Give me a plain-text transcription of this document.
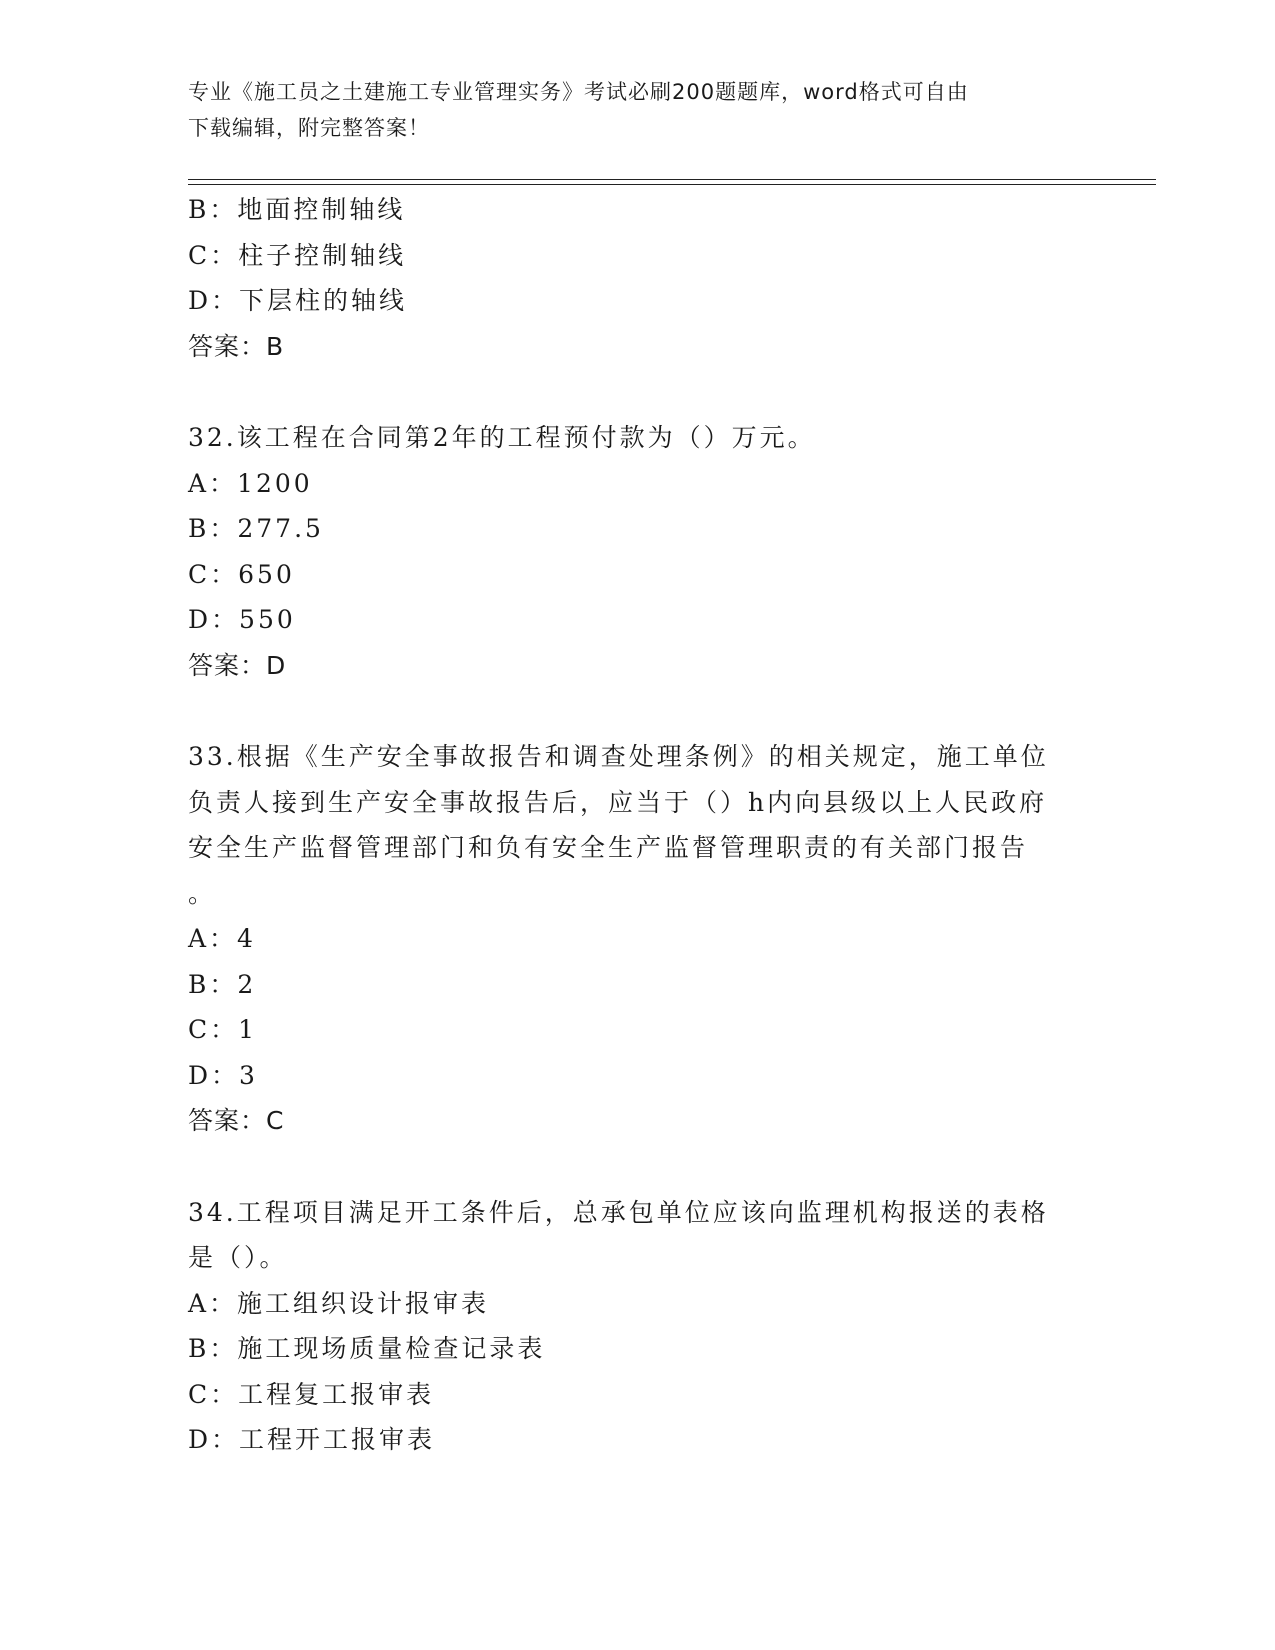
专业《施工员之土建施工专业管理实务》考试必刷200题题库，word格式可自由
下载编辑，附完整答案！
B：地面控制轴线
C：柱子控制轴线
D：下层柱的轴线
答案：B
32.该工程在合同第2年的工程预付款为（）万元。
A：1200
B：277.5
C：650
D：550
答案：D
33.根据《生产安全事故报告和调查处理条例》的相关规定，施工单位
负责人接到生产安全事故报告后，应当于（）h内向县级以上人民政府
安全生产监督管理部门和负有安全生产监督管理职责的有关部门报告
。
A：4
B：2
C：1
D：3
答案：C
34.工程项目满足开工条件后，总承包单位应该向监理机构报送的表格
是（）。
A：施工组织设计报审表
B：施工现场质量检查记录表
C：工程复工报审表
D：工程开工报审表
